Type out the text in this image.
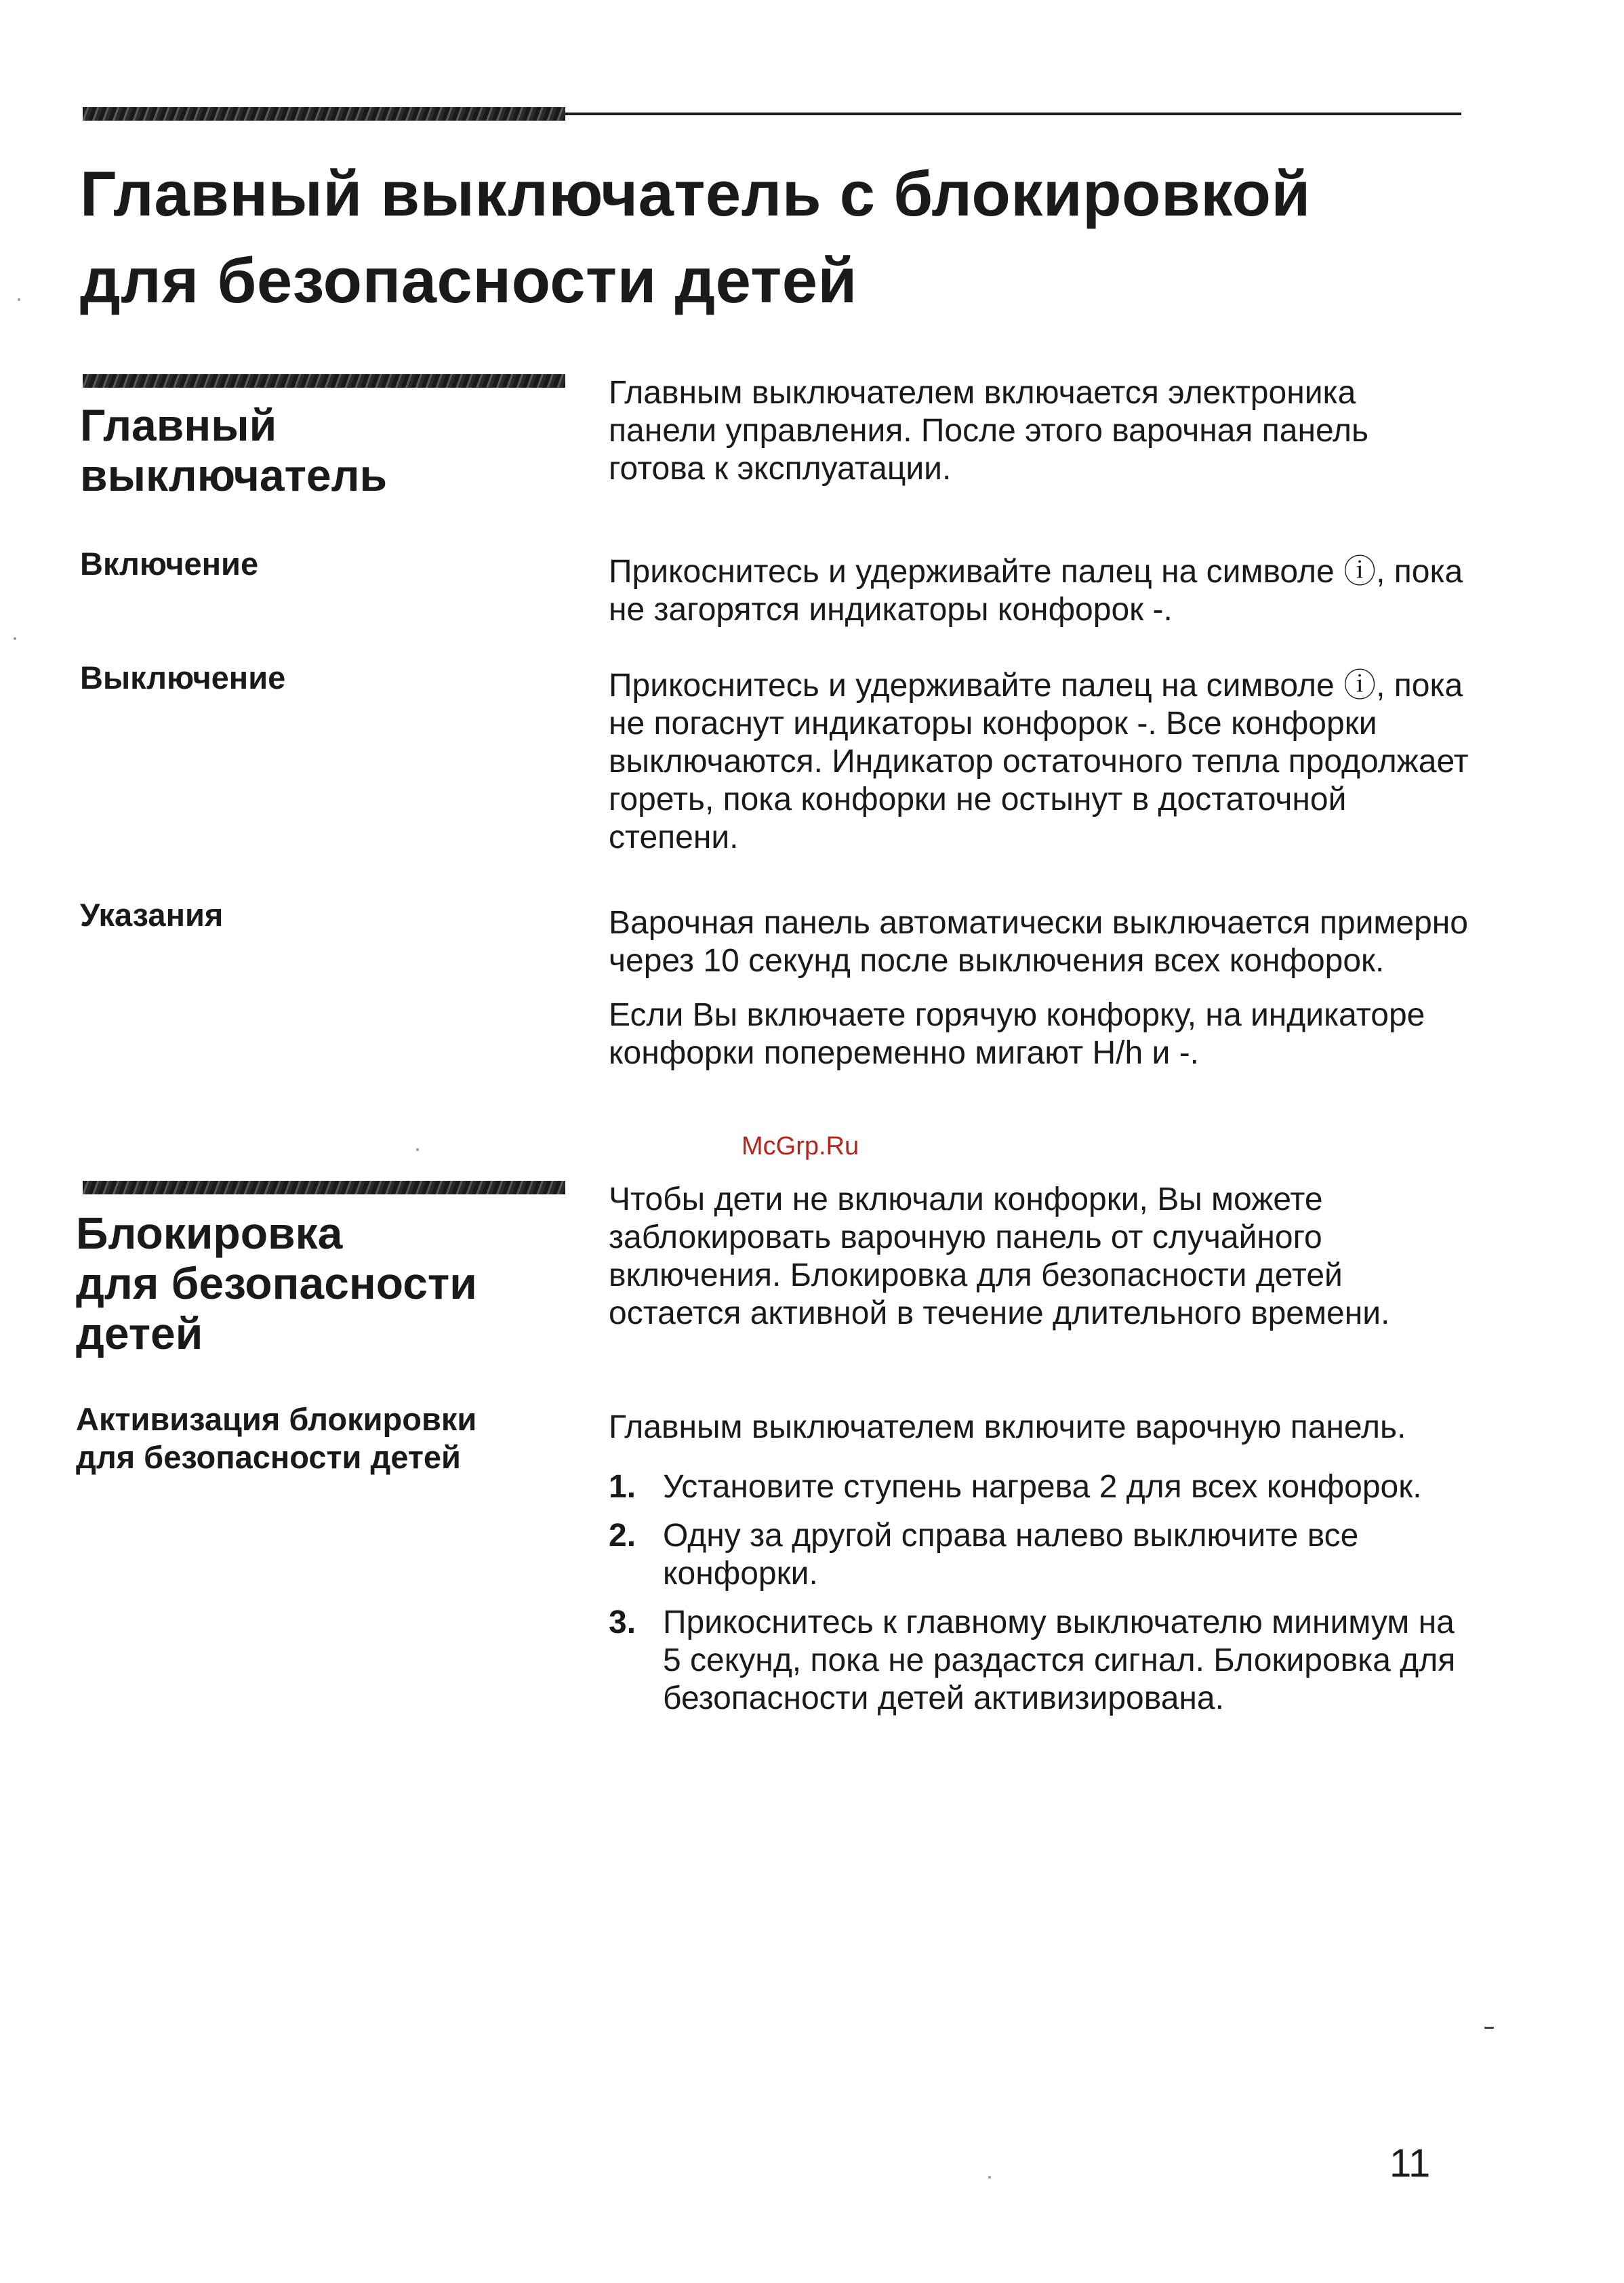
Главный выключатель с блокировкой
для безопасности детей
Главный
выключатель

Главным выключателем включается электроника панели управления. После этого варочная панель готова к эксплуатации.

Включение	Прикоснитесь и удерживайте палец на символе ⓘ, пока не загорятся индикаторы конфорок -.

Выключение	Прикоснитесь и удерживайте палец на символе ⓘ, пока не погаснут индикаторы конфорок -. Все конфорки выключаются. Индикатор остаточного тепла продолжает гореть, пока конфорки не остынут в достаточной степени.

Указания	Варочная панель автоматически выключается примерно через 10 секунд после выключения всех конфорок.

Если Вы включаете горячую конфорку, на индикаторе конфорки попеременно мигают H/h и -.

McGrp.Ru
Блокировка
для безопасности
детей

Чтобы дети не включали конфорки, Вы можете заблокировать варочную панель от случайного включения. Блокировка для безопасности детей остается активной в течение длительного времени.

Активизация блокировки
для безопасности детей

Главным выключателем включите варочную панель.

1. Установите ступень нагрева 2 для всех конфорок.
2. Одну за другой справа налево выключите все конфорки.
3. Прикоснитесь к главному выключателю минимум на 5 секунд, пока не раздастся сигнал. Блокировка для безопасности детей активизирована.
11
